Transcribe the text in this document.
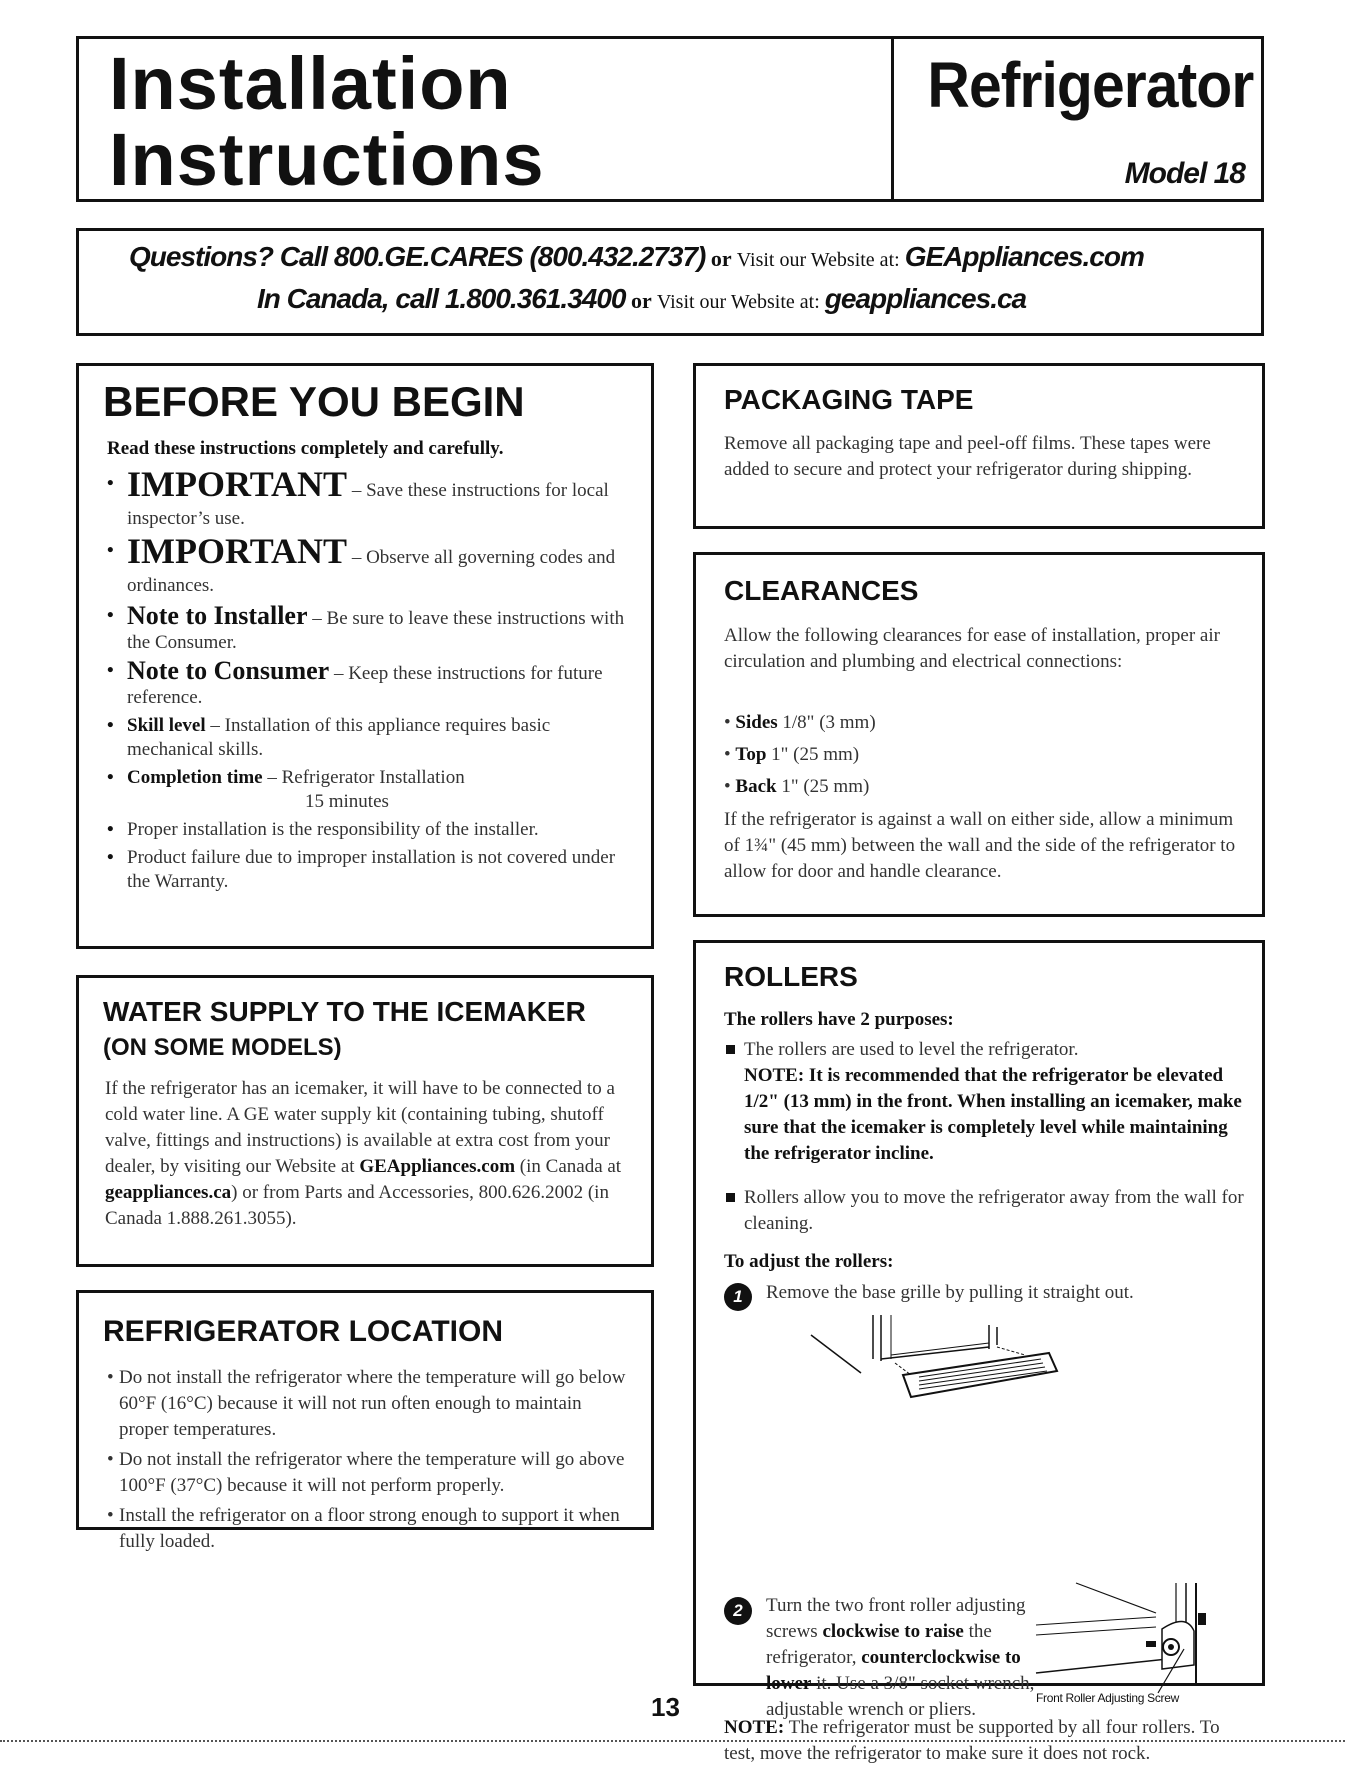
Installation
Instructions
Refrigerator
Model 18
Questions? Call 800.GE.CARES (800.432.2737) or Visit our Website at: GEAppliances.com
In Canada, call 1.800.361.3400 or Visit our Website at: geappliances.ca
BEFORE YOU BEGIN
Read these instructions completely and carefully.
• IMPORTANT – Save these instructions for local inspector’s use.
• IMPORTANT – Observe all governing codes and ordinances.
• Note to Installer – Be sure to leave these instructions with the Consumer.
• Note to Consumer – Keep these instructions for future reference.
• Skill level – Installation of this appliance requires basic mechanical skills.
• Completion time – Refrigerator Installation
15 minutes
• Proper installation is the responsibility of the installer.
• Product failure due to improper installation is not covered under the Warranty.
WATER SUPPLY TO THE ICEMAKER
(ON SOME MODELS)
If the refrigerator has an icemaker, it will have to be connected to a cold water line. A GE water supply kit (containing tubing, shutoff valve, fittings and instructions) is available at extra cost from your dealer, by visiting our Website at GEAppliances.com (in Canada at geappliances.ca) or from Parts and Accessories, 800.626.2002 (in Canada 1.888.261.3055).
REFRIGERATOR LOCATION
• Do not install the refrigerator where the temperature will go below 60°F (16°C) because it will not run often enough to maintain proper temperatures.
• Do not install the refrigerator where the temperature will go above 100°F (37°C) because it will not perform properly.
• Install the refrigerator on a floor strong enough to support it when fully loaded.
PACKAGING TAPE
Remove all packaging tape and peel-off films. These tapes were added to secure and protect your refrigerator during shipping.
CLEARANCES
Allow the following clearances for ease of installation, proper air circulation and plumbing and electrical connections:
• Sides 1/8" (3 mm)
• Top 1" (25 mm)
• Back 1" (25 mm)
If the refrigerator is against a wall on either side, allow a minimum of 1¾" (45 mm) between the wall and the side of the refrigerator to allow for door and handle clearance.
ROLLERS
The rollers have 2 purposes:
The rollers are used to level the refrigerator.
NOTE: It is recommended that the refrigerator be elevated 1/2" (13 mm) in the front. When installing an icemaker, make sure that the icemaker is completely level while maintaining the refrigerator incline.
Rollers allow you to move the refrigerator away from the wall for cleaning.
To adjust the rollers:
1	Remove the base grille by pulling it straight out.
2	Turn the two front roller adjusting screws clockwise to raise the refrigerator, counterclockwise to lower it. Use a 3/8" socket wrench, adjustable wrench or pliers.
Front Roller Adjusting Screw
NOTE: The refrigerator must be supported by all four rollers. To test, move the refrigerator to make sure it does not rock.
13
